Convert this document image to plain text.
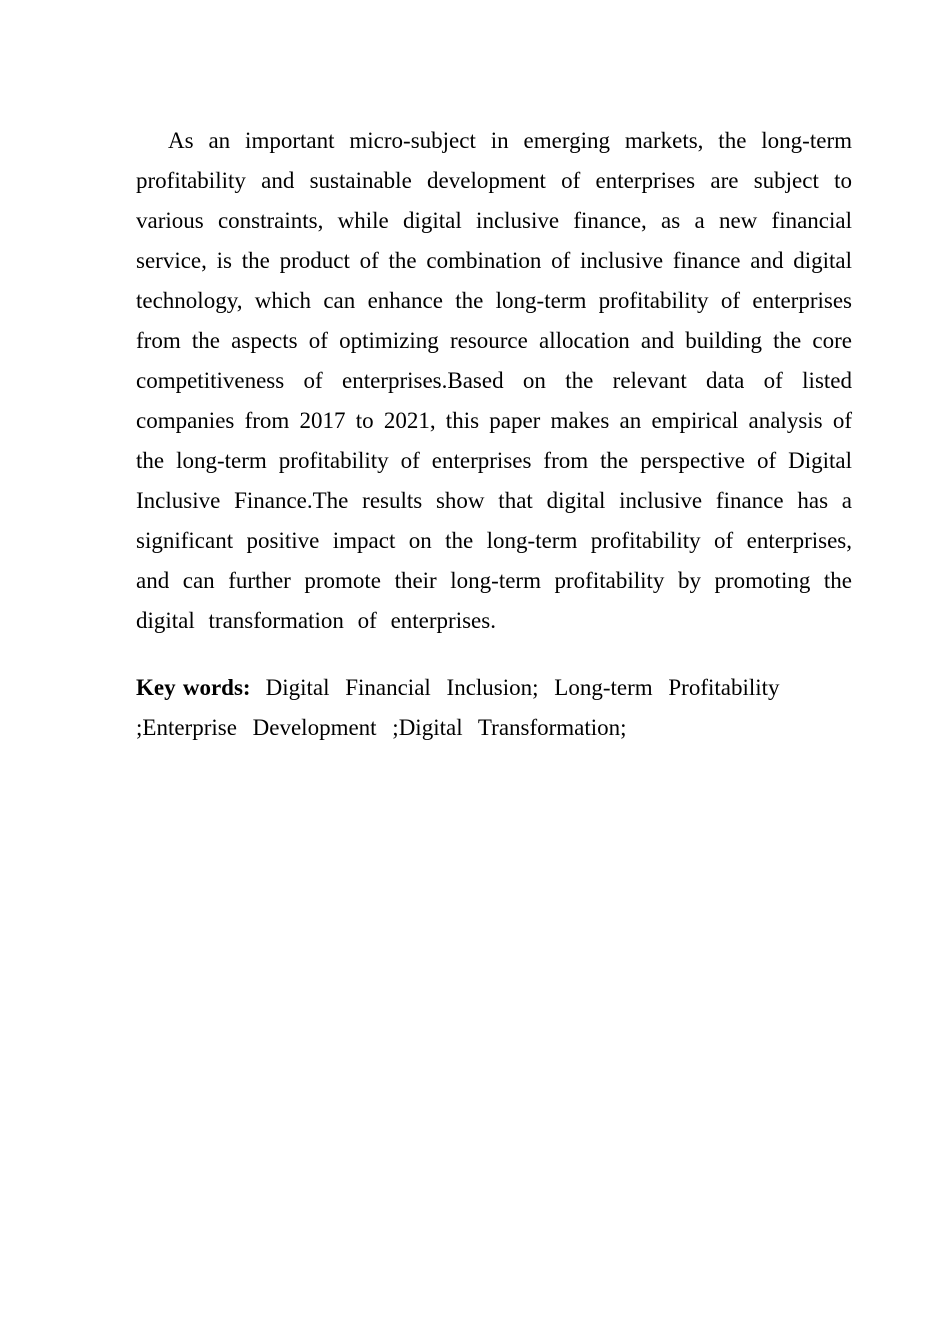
As an important micro-subject in emerging markets, the long-term
profitability and sustainable development of enterprises are subject to
various constraints, while digital inclusive finance, as a new financial
service, is the product of the combination of inclusive finance and digital
technology, which can enhance the long-term profitability of enterprises
from the aspects of optimizing resource allocation and building the core
competitiveness of enterprises.Based on the relevant data of listed
companies from 2017 to 2021, this paper makes an empirical analysis of
the long-term profitability of enterprises from the perspective of Digital
Inclusive Finance.The results show that digital inclusive finance has a
significant positive impact on the long-term profitability of enterprises,
and can further promote their long-term profitability by promoting the
digital transformation of enterprises.

Key words: Digital Financial Inclusion; Long-term Profitability

;Enterprise Development ;Digital Transformation;
